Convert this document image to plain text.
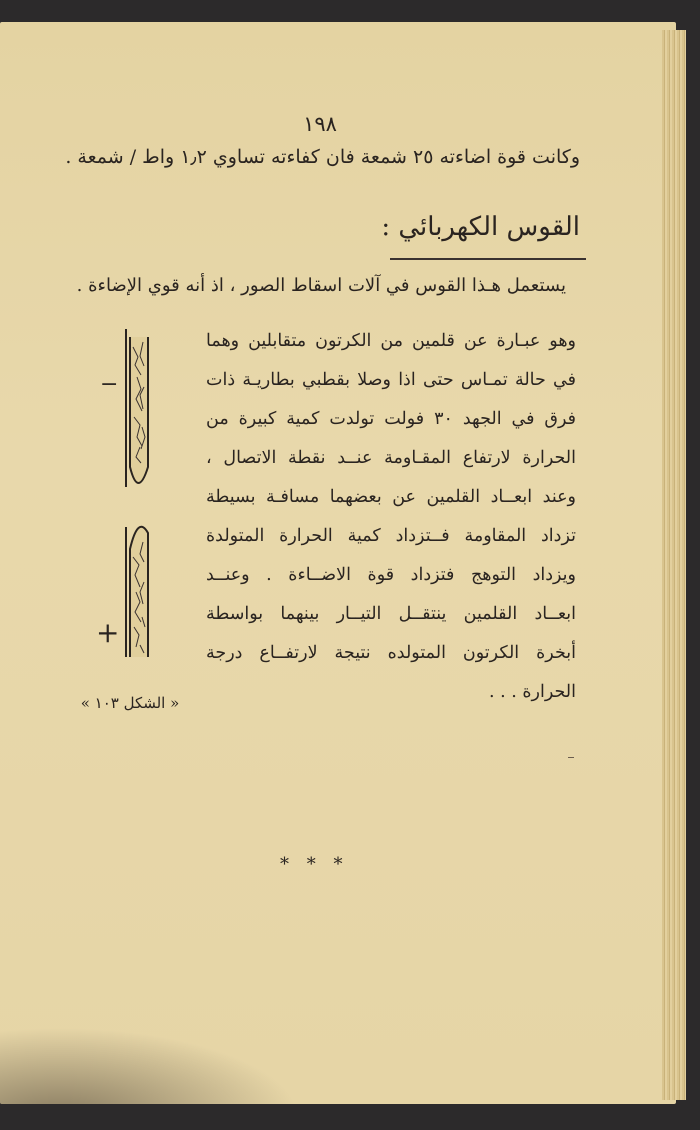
١٩٨
وكانت قوة اضاءته ٢٥ شمعة فان كفاءته تساوي ١٫٢ واط / شمعة .
القوس الكهربائي :
يستعمل هـذا القوس في آلات اسقاط الصور ، اذ أنه قوي الإضاءة .
وهو عبـارة عن قلمين من الكرتون متقابلين وهما
في حالة تمـاس حتى اذا وصلا بقطبي بطاريـة ذات
فرق في الجهد ٣٠ فولت تولدت كمية كبيرة من
الحرارة لارتفاع المقـاومة عنــد نقطة الاتصال ،
وعند ابعــاد القلمين عن بعضهما مسافـة بسيطة
تزداد المقاومة فــتزداد كمية الحرارة المتولدة
ويزداد التوهج فتزداد قوة الاضــاءة . وعنــد
ابعــاد القلمين ينتقــل التيــار بينهما بواسطة
أبخرة الكرتون المتولده نتيجة لارتفــاع درجة
الحرارة . . .
−
+
« الشكل ١٠٣ »
* * *
